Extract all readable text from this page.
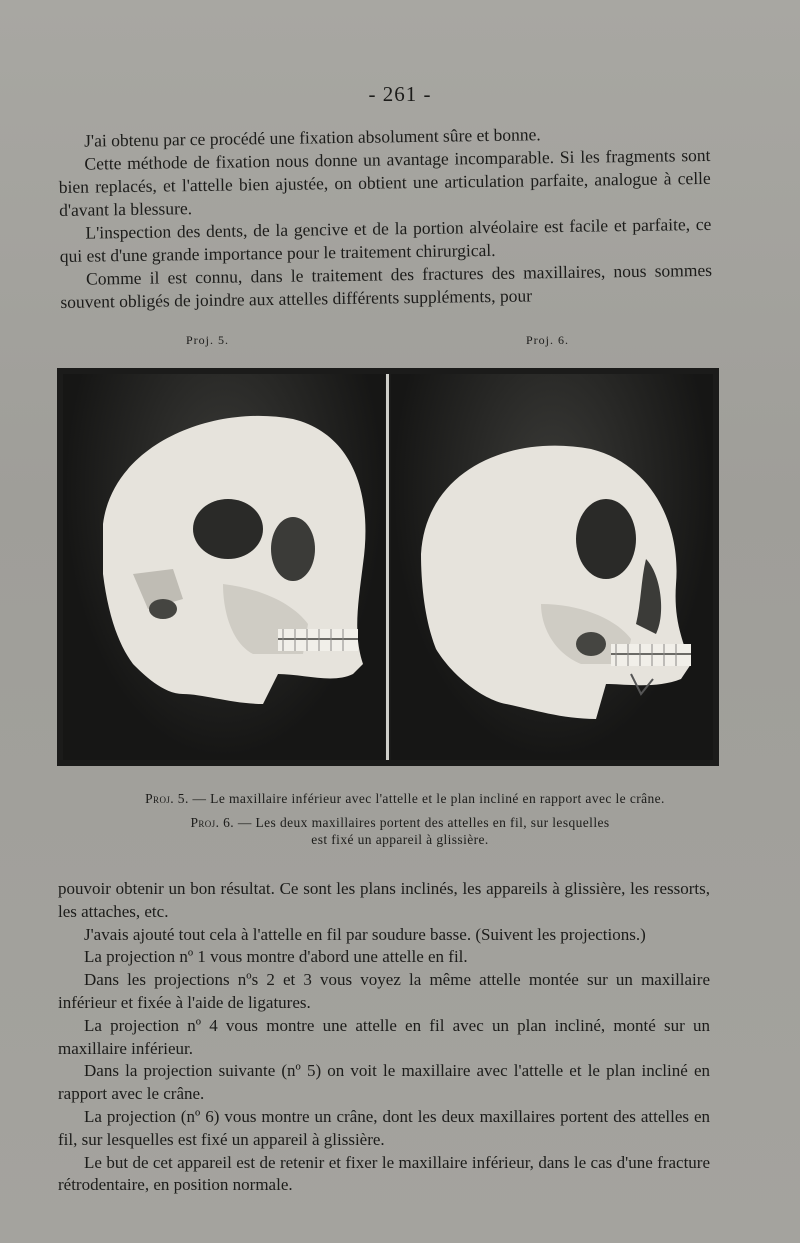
- 261 -

J'ai obtenu par ce procédé une fixation absolument sûre et bonne.

Cette méthode de fixation nous donne un avantage incomparable. Si les fragments sont bien replacés, et l'attelle bien ajustée, on obtient une articulation parfaite, analogue à celle d'avant la blessure.

L'inspection des dents, de la gencive et de la portion alvéolaire est facile et parfaite, ce qui est d'une grande importance pour le traitement chirurgical.

Comme il est connu, dans le traitement des fractures des maxillaires, nous sommes souvent obligés de joindre aux attelles différents suppléments, pour

Proj. 5.	Proj. 6.
Proj. 5. — Le maxillaire inférieur avec l'attelle et le plan incliné en rapport avec le crâne.
Proj. 6. — Les deux maxillaires portent des attelles en fil, sur lesquelles est fixé un appareil à glissière.

pouvoir obtenir un bon résultat. Ce sont les plans inclinés, les appareils à glissière, les ressorts, les attaches, etc.

J'avais ajouté tout cela à l'attelle en fil par soudure basse. (Suivent les projections.)

La projection nº 1 vous montre d'abord une attelle en fil.

Dans les projections nºs 2 et 3 vous voyez la même attelle montée sur un maxillaire inférieur et fixée à l'aide de ligatures.

La projection nº 4 vous montre une attelle en fil avec un plan incliné, monté sur un maxillaire inférieur.

Dans la projection suivante (nº 5) on voit le maxillaire avec l'attelle et le plan incliné en rapport avec le crâne.

La projection (nº 6) vous montre un crâne, dont les deux maxillaires portent des attelles en fil, sur lesquelles est fixé un appareil à glissière.

Le but de cet appareil est de retenir et fixer le maxillaire inférieur, dans le cas d'une fracture rétrodentaire, en position normale.
